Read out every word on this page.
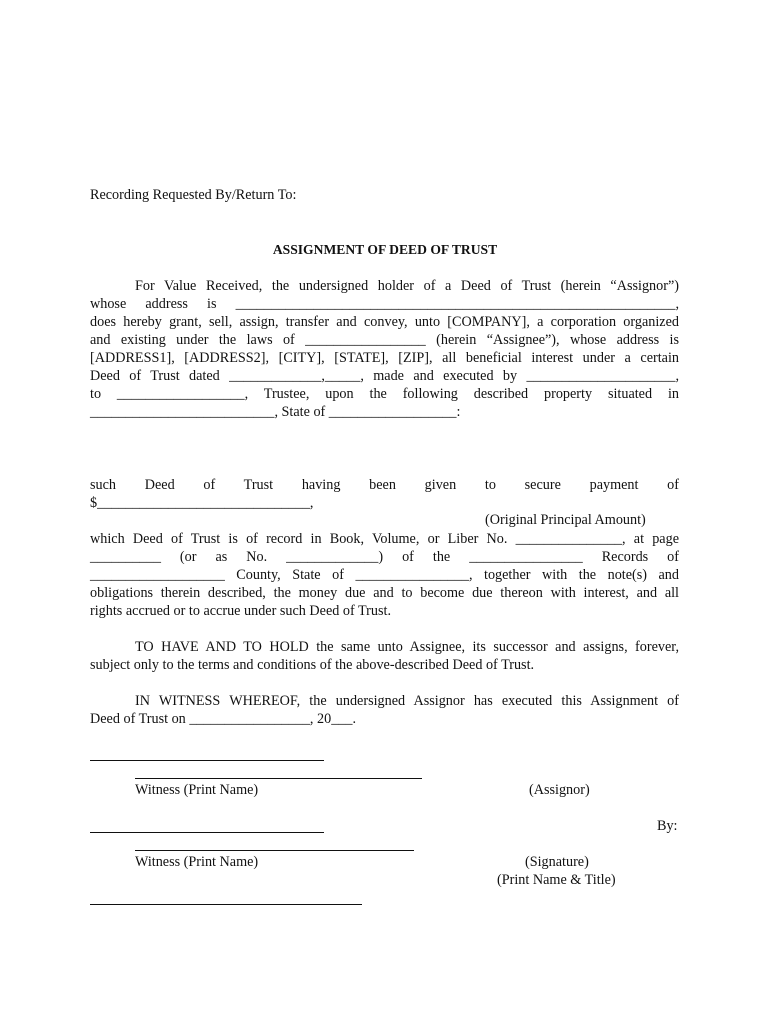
Recording Requested By/Return To:
ASSIGNMENT OF DEED OF TRUST
For Value Received, the undersigned holder of a Deed of Trust (herein “Assignor”)
whose address is ______________________________________________________________,
does hereby grant, sell, assign, transfer and convey, unto [COMPANY], a corporation organized
and existing under the laws of _________________ (herein “Assignee”), whose address is
[ADDRESS1], [ADDRESS2], [CITY], [STATE], [ZIP], all beneficial interest under a certain
Deed of Trust dated _____________,_____, made and executed by _____________________,
to __________________, Trustee, upon the following described property situated in
__________________________, State of __________________:
such Deed of Trust having been given to secure payment of
$______________________________,
(Original Principal Amount)
which Deed of Trust is of record in Book, Volume, or Liber No. _______________, at page
__________ (or as No. _____________) of the ________________ Records of
___________________ County, State of ________________, together with the note(s) and
obligations therein described, the money due and to become due thereon with interest, and all
rights accrued or to accrue under such Deed of Trust.
TO HAVE AND TO HOLD the same unto Assignee, its successor and assigns, forever,
subject only to the terms and conditions of the above-described Deed of Trust.
IN WITNESS WHEREOF, the undersigned Assignor has executed this Assignment of
Deed of Trust on _________________, 20___.
Witness (Print Name)	(Assignor)
By:
Witness (Print Name)	(Signature)
(Print Name & Title)
